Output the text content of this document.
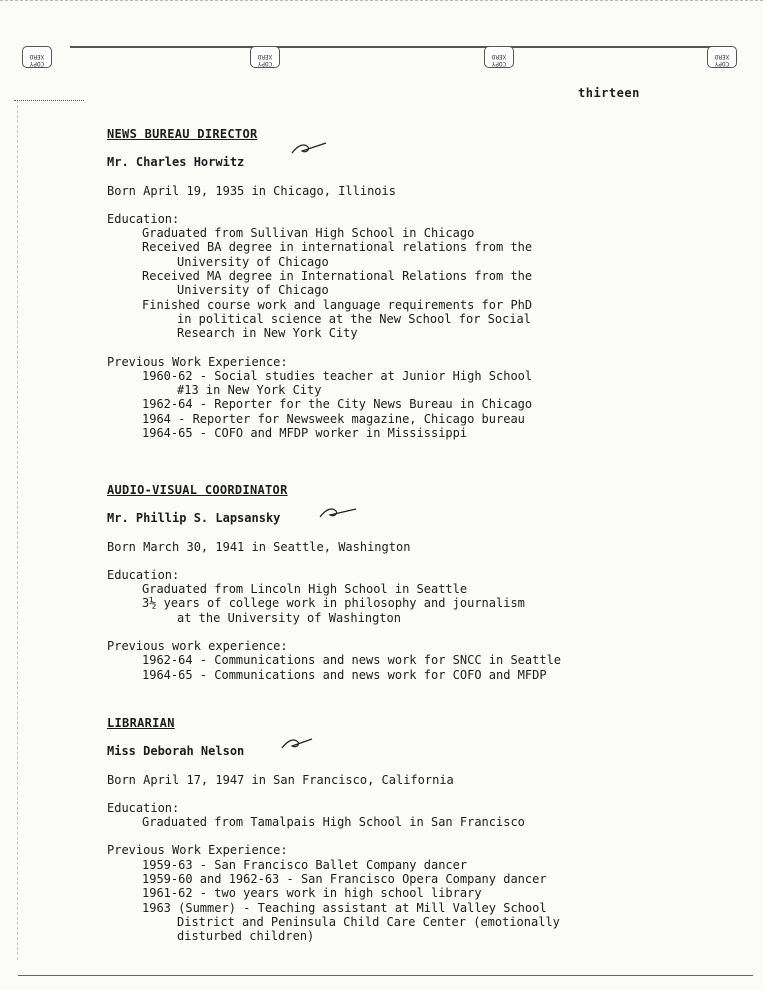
COPY
XERO
COPY
XERO
COPY
XERO
COPY
XERO
thirteen
NEWS BUREAU DIRECTOR
Mr. Charles Horwitz
Born April 19, 1935 in Chicago, Illinois
Education:
Graduated from Sullivan High School in Chicago
Received BA degree in international relations from the
University of Chicago
Received MA degree in International Relations from the
University of Chicago
Finished course work and language requirements for PhD
in political science at the New School for Social
Research in New York City
Previous Work Experience:
1960-62 - Social studies teacher at Junior High School
#13 in New York City
1962-64 - Reporter for the City News Bureau in Chicago
1964 - Reporter for Newsweek magazine, Chicago bureau
1964-65 - COFO and MFDP worker in Mississippi
AUDIO-VISUAL COORDINATOR
Mr. Phillip S. Lapsansky
Born March 30, 1941 in Seattle, Washington
Education:
Graduated from Lincoln High School in Seattle
3½ years of college work in philosophy and journalism
at the University of Washington
Previous work experience:
1962-64 - Communications and news work for SNCC in Seattle
1964-65 - Communications and news work for COFO and MFDP
LIBRARIAN
Miss Deborah Nelson
Born April 17, 1947 in San Francisco, California
Education:
Graduated from Tamalpais High School in San Francisco
Previous Work Experience:
1959-63 - San Francisco Ballet Company dancer
1959-60 and 1962-63 - San Francisco Opera Company dancer
1961-62 - two years work in high school library
1963 (Summer) - Teaching assistant at Mill Valley School
District and Peninsula Child Care Center (emotionally
disturbed children)
